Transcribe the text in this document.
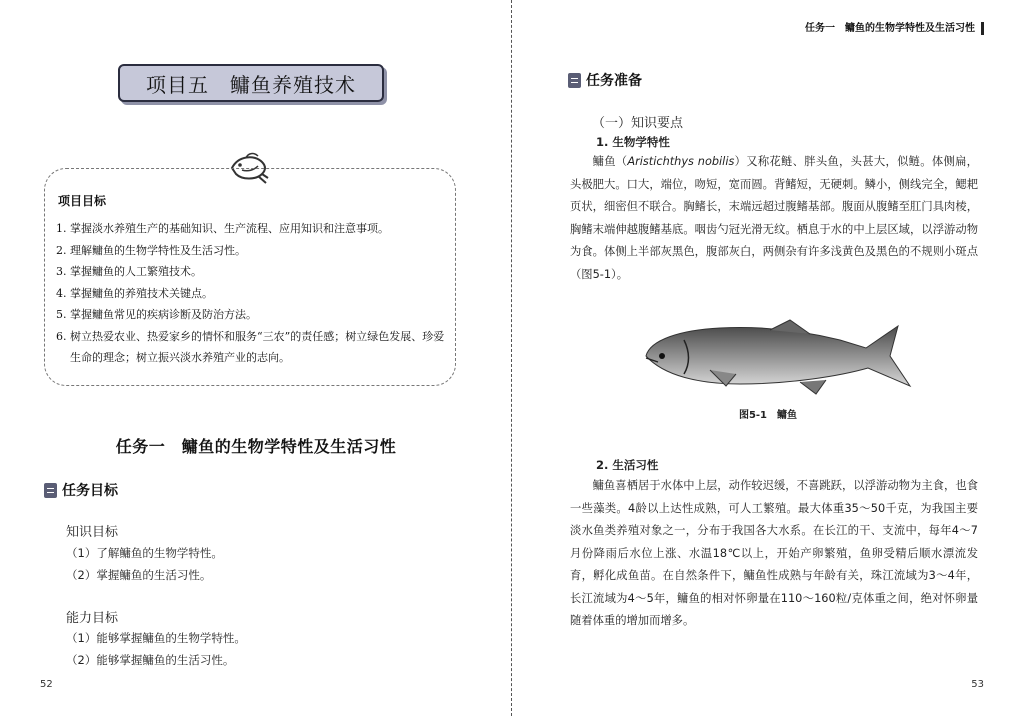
项目五　鳙鱼养殖技术
项目目标
1. 掌握淡水养殖生产的基础知识、生产流程、应用知识和注意事项。
2. 理解鳙鱼的生物学特性及生活习性。
3. 掌握鳙鱼的人工繁殖技术。
4. 掌握鳙鱼的养殖技术关键点。
5. 掌握鳙鱼常见的疾病诊断及防治方法。
6. 树立热爱农业、热爱家乡的情怀和服务“三农”的责任感；树立绿色发展、珍爱生命的理念；树立振兴淡水养殖产业的志向。
任务一　鳙鱼的生物学特性及生活习性
任务目标
知识目标
（1）了解鳙鱼的生物学特性。
（2）掌握鳙鱼的生活习性。
能力目标
（1）能够掌握鳙鱼的生物学特性。
（2）能够掌握鳙鱼的生活习性。
52
任务一　鳙鱼的生物学特性及生活习性
任务准备
（一）知识要点
1. 生物学特性

鳙鱼（Aristichthys nobilis）又称花鲢、胖头鱼，头甚大，似鲢。体侧扁，头极肥大。口大，端位，吻短，宽而圆。背鳍短，无硬刺。鳞小，侧线完全，鳃耙页状，细密但不联合。胸鳍长，末端远超过腹鳍基部。腹面从腹鳍至肛门具肉棱，胸鳍末端伸越腹鳍基底。咽齿勺冠光滑无纹。栖息于水的中上层区域，以浮游动物为食。体侧上半部灰黑色，腹部灰白，两侧杂有许多浅黄色及黑色的不规则小斑点（图5-1）。

图5-1　鳙鱼
2. 生活习性

鳙鱼喜栖居于水体中上层，动作较迟缓，不喜跳跃，以浮游动物为主食，也食一些藻类。4龄以上达性成熟，可人工繁殖。最大体重35～50千克，为我国主要淡水鱼类养殖对象之一，分布于我国各大水系。在长江的干、支流中，每年4～7月份降雨后水位上涨、水温18℃以上，开始产卵繁殖，鱼卵受精后顺水漂流发育，孵化成鱼苗。在自然条件下，鳙鱼性成熟与年龄有关，珠江流域为3～4年，长江流域为4～5年，鳙鱼的相对怀卵量在110～160粒/克体重之间，绝对怀卵量随着体重的增加而增多。

53
